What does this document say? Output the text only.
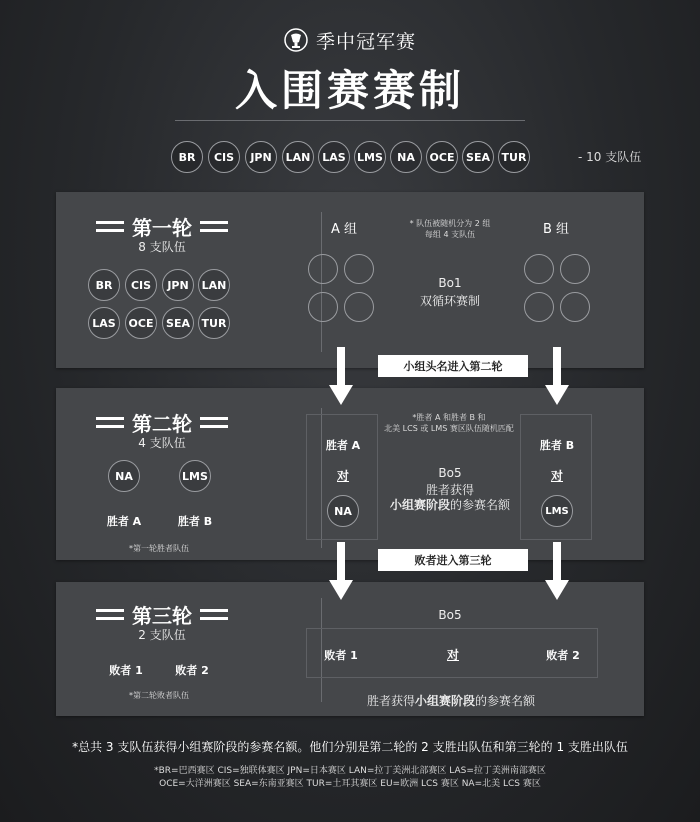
季中冠军赛
入围赛赛制
BR	CIS	JPN	LAN	LAS	LMS	NA	OCE	SEA	TUR	- 10 支队伍
第一轮
8 支队伍
BR	CIS	JPN	LAN
LAS	OCE	SEA	TUR
A 组	B 组
* 队伍被随机分为 2 组
每组 4 支队伍
Bo1
双循环赛制
第二轮
4 支队伍
NA	LMS
胜者 A	胜者 B
*第一轮胜者队伍
胜者 A
对
NA
胜者 B
对
LMS
*胜者 A 和胜者 B 和
北美 LCS 或 LMS 赛区队伍随机匹配
Bo5
胜者获得
小组赛阶段的参赛名额
第三轮
2 支队伍
败者 1	败者 2
*第二轮败者队伍
Bo5
败者 1	对	败者 2
胜者获得小组赛阶段的参赛名额
小组头名进入第二轮
败者进入第三轮
*总共 3 支队伍获得小组赛阶段的参赛名额。他们分别是第二轮的 2 支胜出队伍和第三轮的 1 支胜出队伍
*BR=巴西赛区 CIS=独联体赛区 JPN=日本赛区 LAN=拉丁美洲北部赛区 LAS=拉丁美洲南部赛区
OCE=大洋洲赛区 SEA=东南亚赛区 TUR=土耳其赛区 EU=欧洲 LCS 赛区 NA=北美 LCS 赛区
